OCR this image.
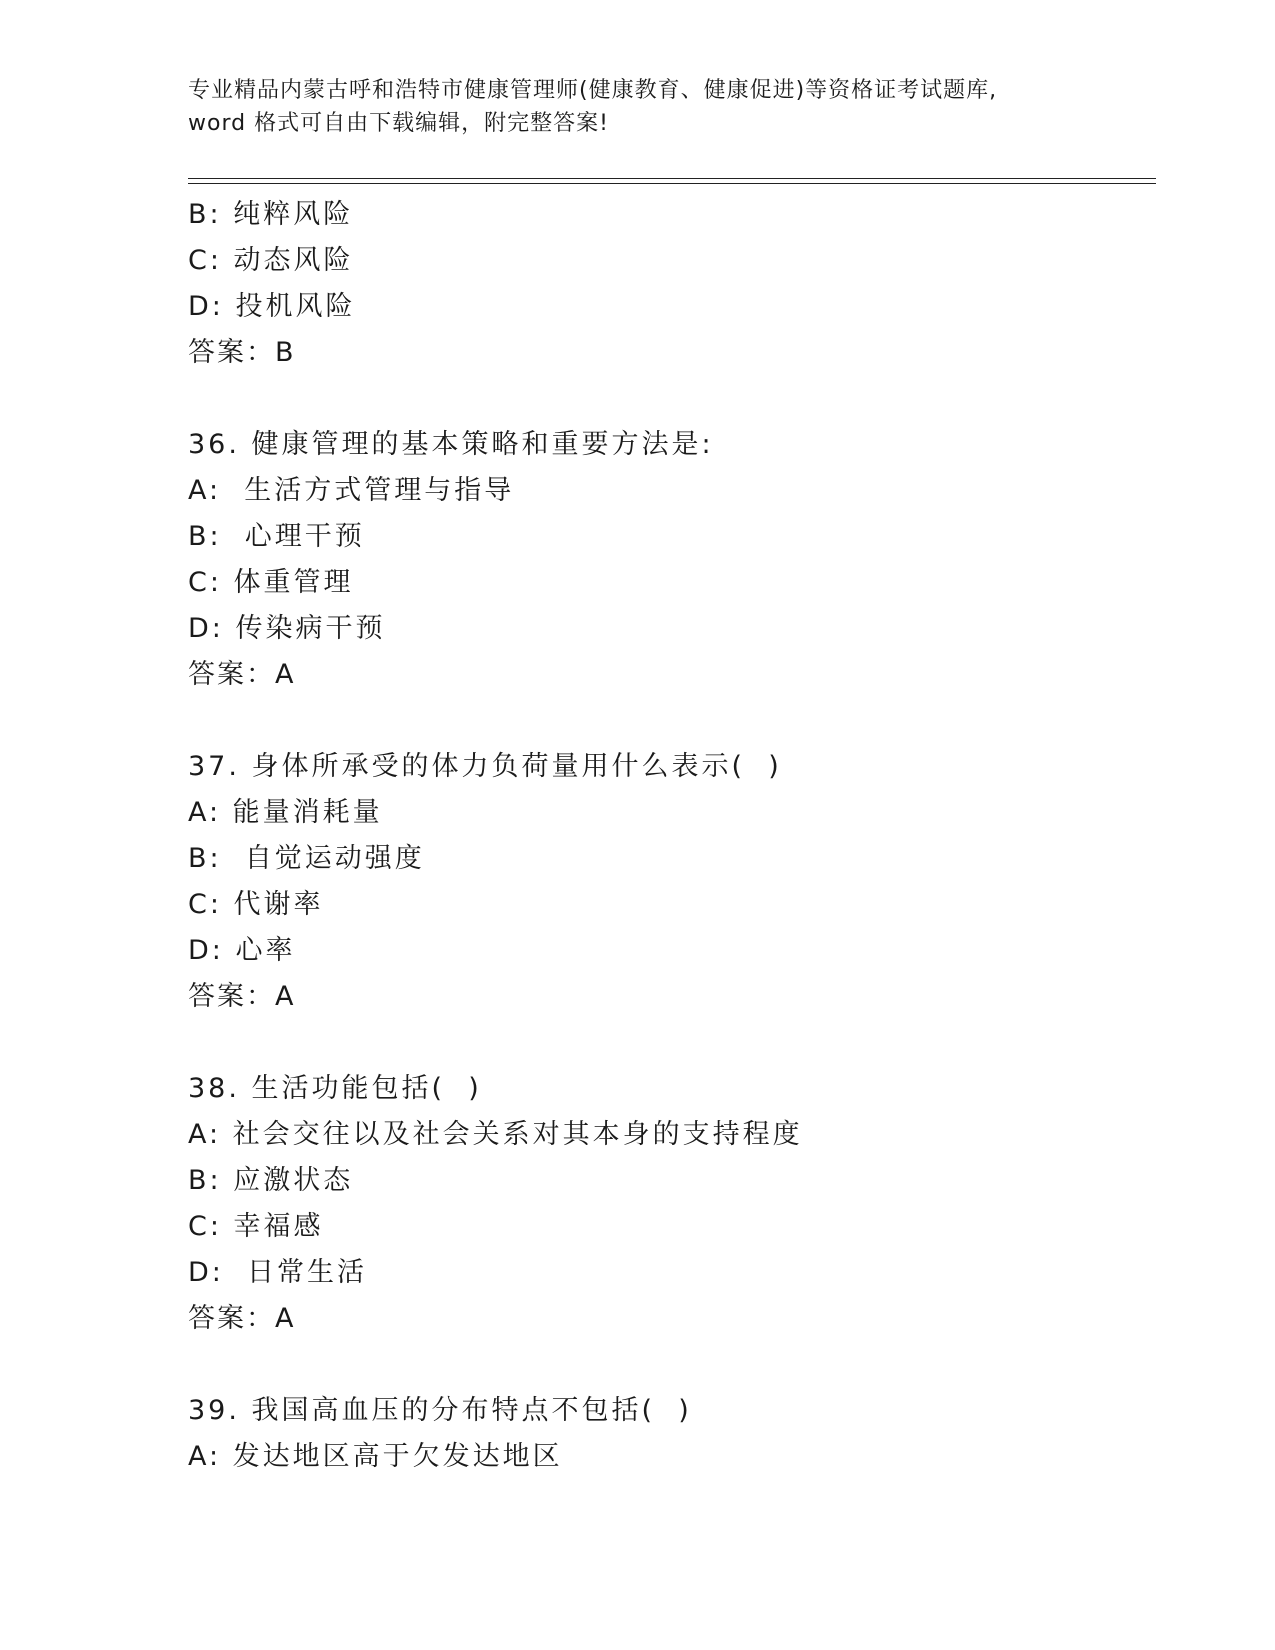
专业精品内蒙古呼和浩特市健康管理师(健康教育、健康促进)等资格证考试题库,
word 格式可自由下载编辑，附完整答案!
B: 纯粹风险
C: 动态风险
D: 投机风险
答案：B
36. 健康管理的基本策略和重要方法是:
A:  生活方式管理与指导
B:  心理干预
C: 体重管理
D: 传染病干预
答案：A
37. 身体所承受的体力负荷量用什么表示(  )
A: 能量消耗量
B:  自觉运动强度
C: 代谢率
D: 心率
答案：A
38. 生活功能包括(  )
A: 社会交往以及社会关系对其本身的支持程度
B: 应激状态
C: 幸福感
D:  日常生活
答案：A
39. 我国高血压的分布特点不包括(  )
A: 发达地区高于欠发达地区
